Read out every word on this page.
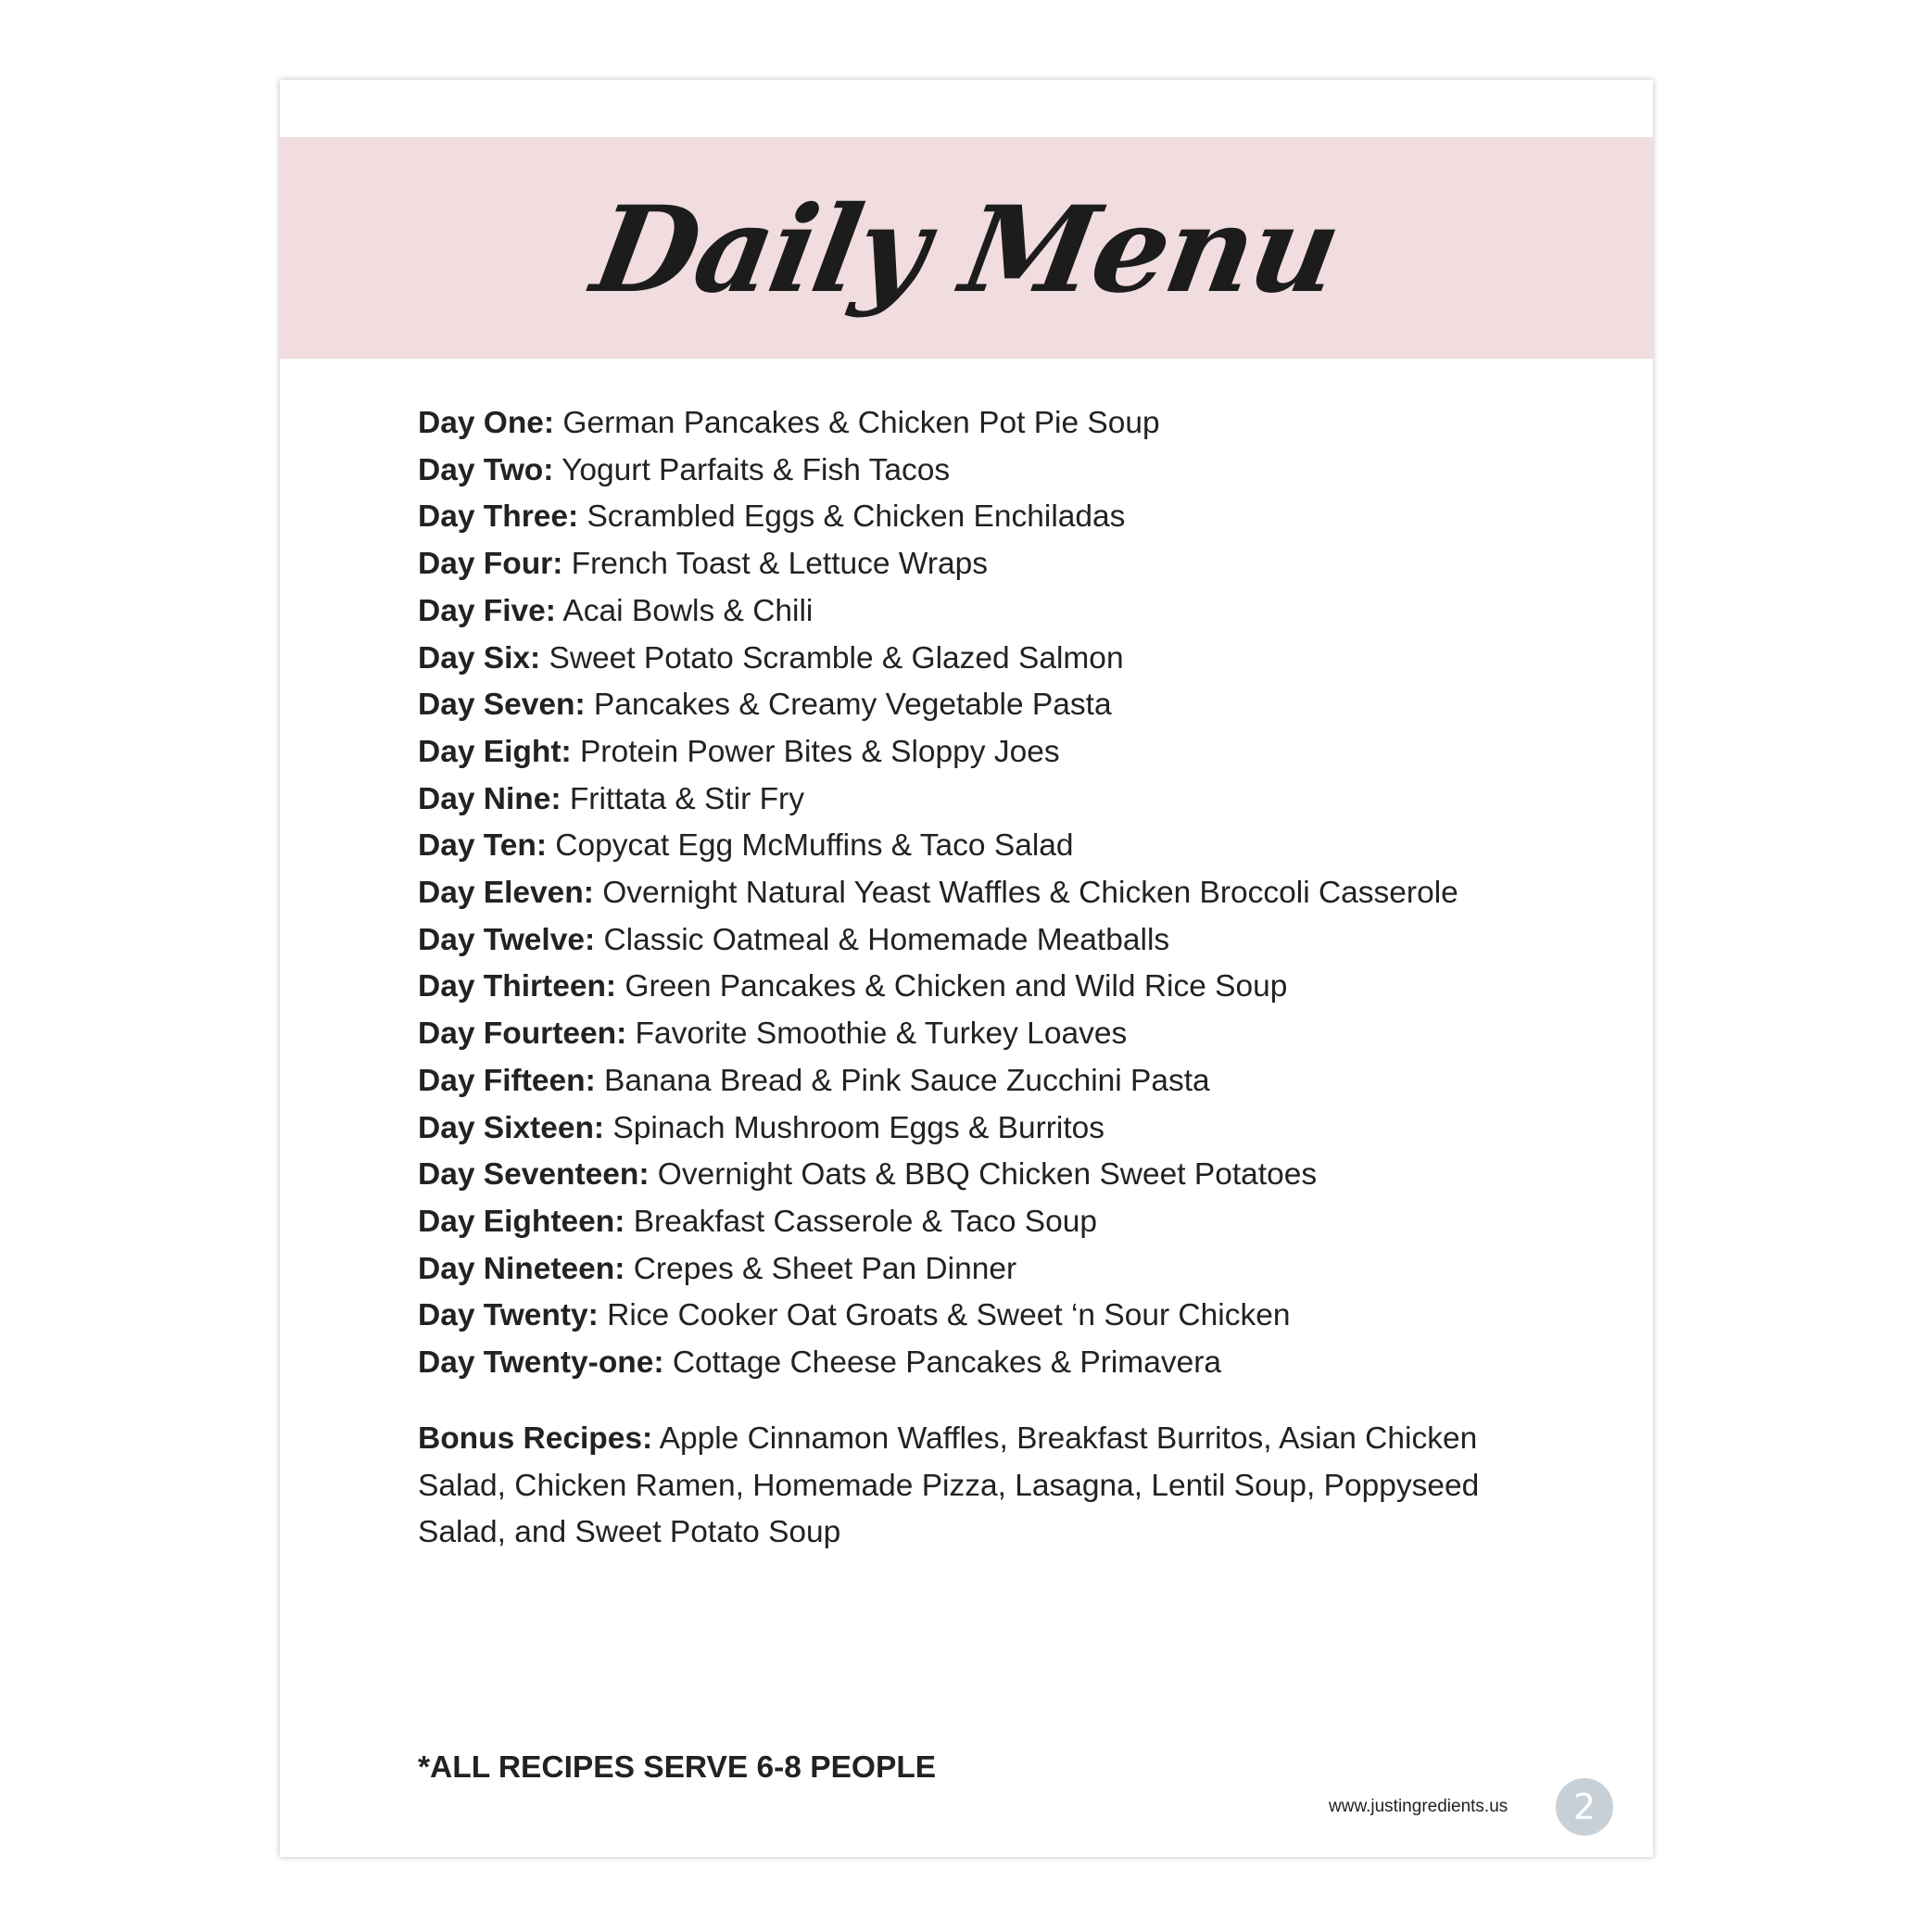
Daily Menu
Day One: German Pancakes & Chicken Pot Pie Soup
Day Two: Yogurt Parfaits & Fish Tacos
Day Three: Scrambled Eggs & Chicken Enchiladas
Day Four: French Toast & Lettuce Wraps
Day Five: Acai Bowls & Chili
Day Six: Sweet Potato Scramble & Glazed Salmon
Day Seven: Pancakes & Creamy Vegetable Pasta
Day Eight: Protein Power Bites & Sloppy Joes
Day Nine: Frittata & Stir Fry
Day Ten: Copycat Egg McMuffins & Taco Salad
Day Eleven: Overnight Natural Yeast Waffles & Chicken Broccoli Casserole
Day Twelve: Classic Oatmeal & Homemade Meatballs
Day Thirteen: Green Pancakes & Chicken and Wild Rice Soup
Day Fourteen: Favorite Smoothie & Turkey Loaves
Day Fifteen: Banana Bread & Pink Sauce Zucchini Pasta
Day Sixteen: Spinach Mushroom Eggs & Burritos
Day Seventeen: Overnight Oats & BBQ Chicken Sweet Potatoes
Day Eighteen: Breakfast Casserole & Taco Soup
Day Nineteen: Crepes & Sheet Pan Dinner
Day Twenty: Rice Cooker Oat Groats & Sweet ‘n Sour Chicken
Day Twenty-one: Cottage Cheese Pancakes & Primavera

Bonus Recipes: Apple Cinnamon Waffles, Breakfast Burritos, Asian Chicken Salad, Chicken Ramen, Homemade Pizza, Lasagna, Lentil Soup, Poppyseed Salad, and Sweet Potato Soup

*ALL RECIPES SERVE 6-8 PEOPLE
www.justingredients.us	2
